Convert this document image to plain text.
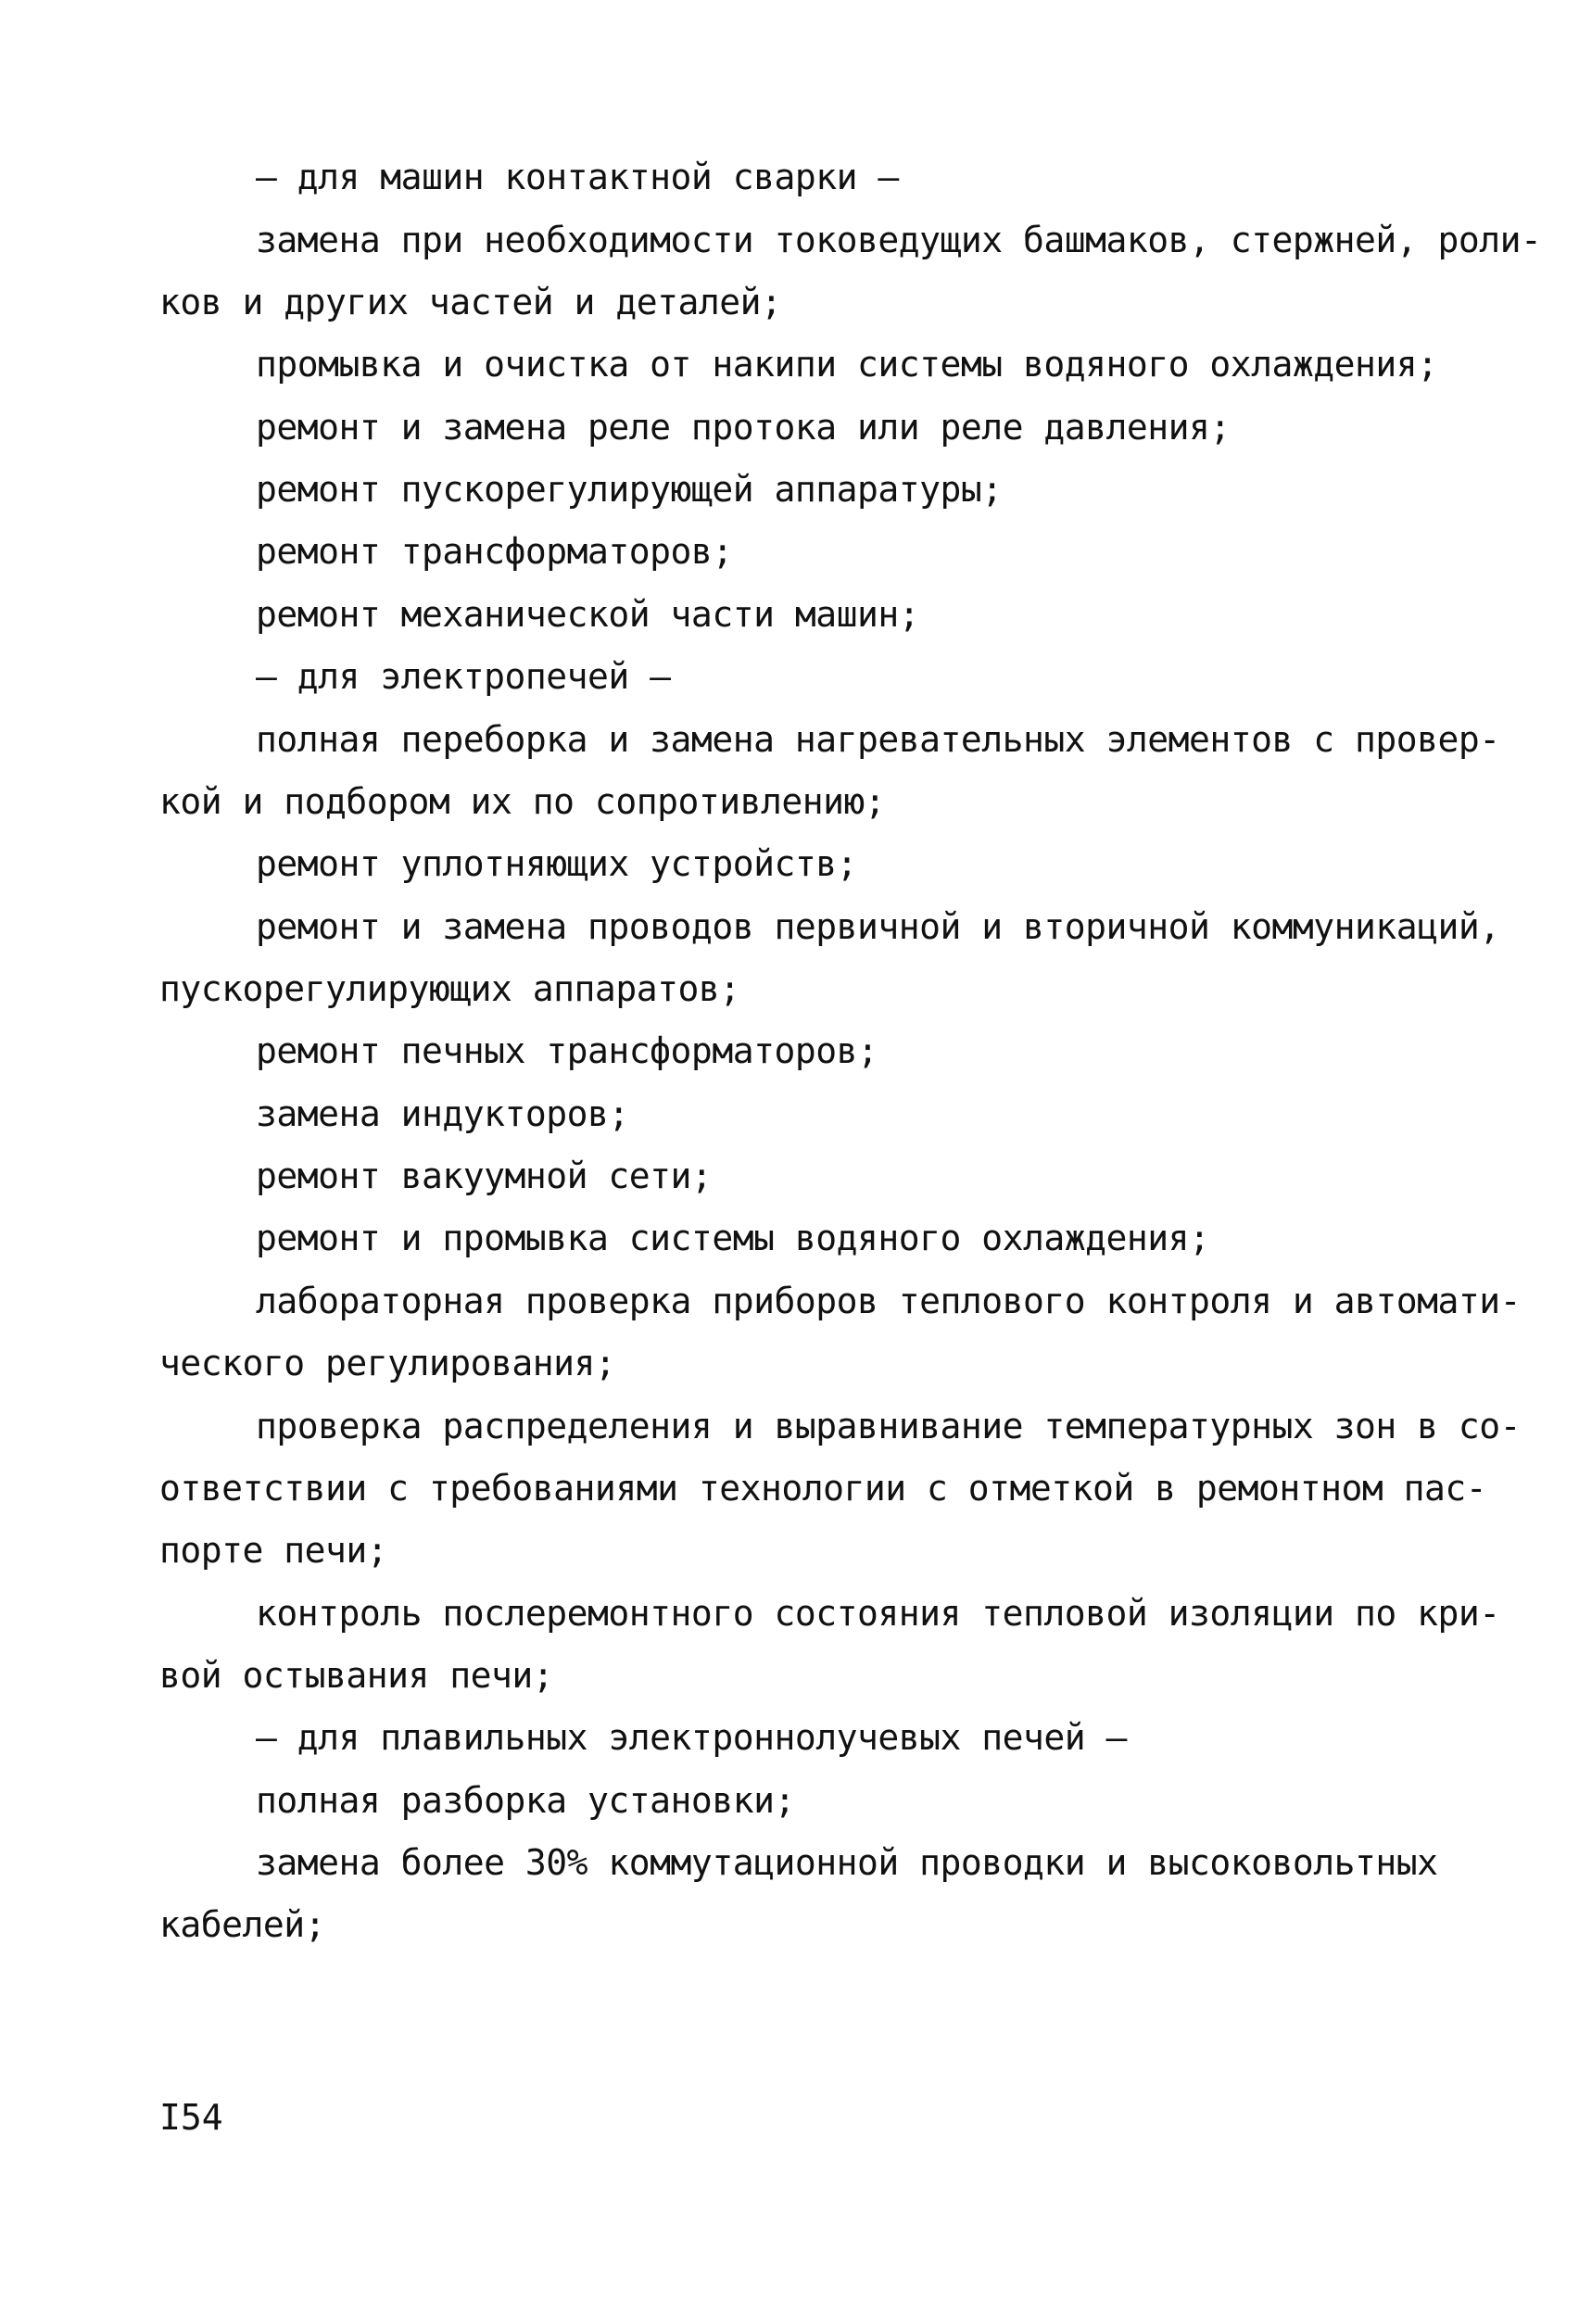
– для машин контактной сварки –
замена при необходимости токоведущих башмаков, стержней, роли-
ков и других частей и деталей;
промывка и очистка от накипи системы водяного охлаждения;
ремонт и замена реле протока или реле давления;
ремонт пускорегулирующей аппаратуры;
ремонт трансформаторов;
ремонт механической части машин;
– для электропечей –
полная переборка и замена нагревательных элементов с провер-
кой и подбором их по сопротивлению;
ремонт уплотняющих устройств;
ремонт и замена проводов первичной и вторичной коммуникаций,
пускорегулирующих аппаратов;
ремонт печных трансформаторов;
замена индукторов;
ремонт вакуумной сети;
ремонт и промывка системы водяного охлаждения;
лабораторная проверка приборов теплового контроля и автомати-
ческого регулирования;
проверка распределения и выравнивание температурных зон в со-
ответствии с требованиями технологии с отметкой в ремонтном пас-
порте печи;
контроль послеремонтного состояния тепловой изоляции по кри-
вой остывания печи;
– для плавильных электроннолучевых печей –
полная разборка установки;
замена более 30% коммутационной проводки и высоковольтных
кабелей;
I54
